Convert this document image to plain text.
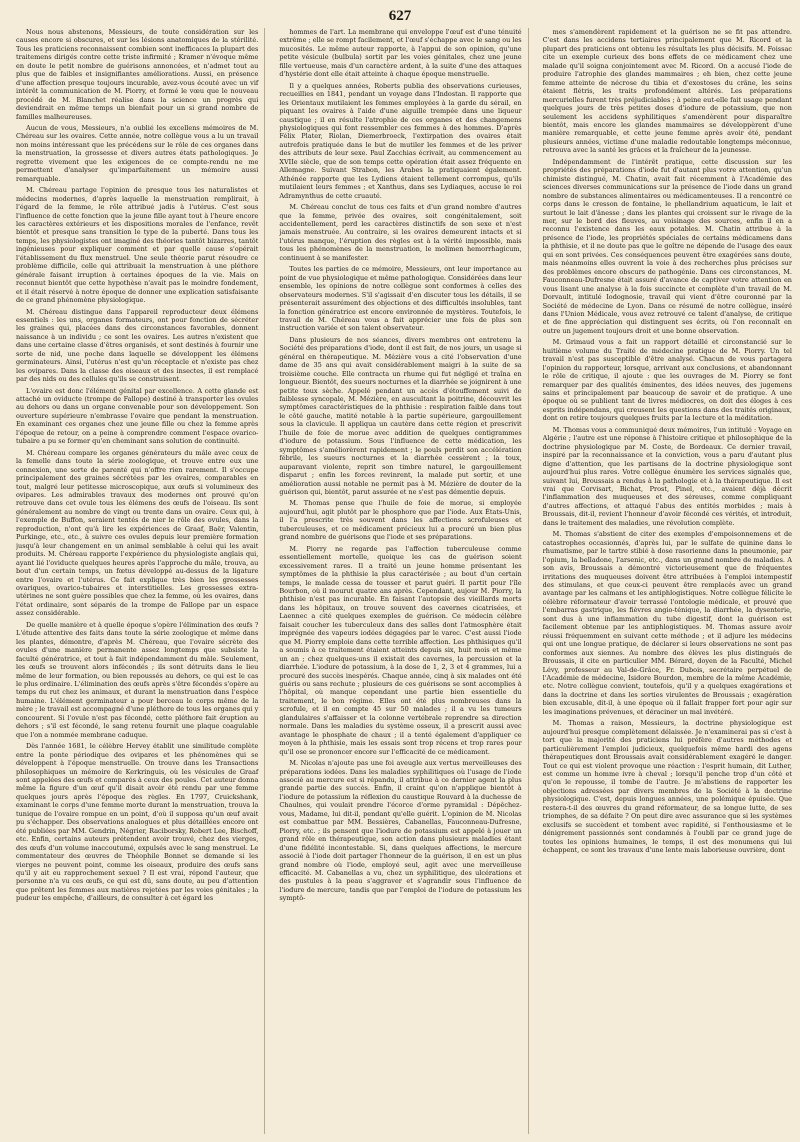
627

Nous nous abstenons, Messieurs, de toute considération sur les causes encore si obscures, et sur les lésions anatomiques de la stérilité. Tous les praticiens reconnaissent combien sont inefficaces la plupart des traitemens dirigés contre cette triste infirmité ; Kramer n'évoque même en doute le petit nombre de guérisons annoncées, et n'admet tout au plus que de faibles et insignifiantes améliorations. Aussi, en présence d'une affection presque toujours incurable, avez-vous écouté avec un vif intérêt la communication de M. Piorry, et formé le vœu que le nouveau procédé de M. Blanchet réalise dans la science un progrès qui deviendrait en même temps un bienfait pour un si grand nombre de familles malheureuses.

Aucun de vous, Messieurs, n'a oublié les excellens mémoires de M. Chéreau sur les ovaires. Cette année, notre collègue vous a lu un travail non moins intéressant que les précédens sur le rôle de ces organes dans la menstruation, la grossesse et divers autres états pathologiques. Je regrette vivement que les exigences de ce compte-rendu ne me permettent d'analyser qu'imparfaitement un mémoire aussi remarquable.

M. Chéreau partage l'opinion de presque tous les naturalistes et médecins modernes, d'après laquelle la menstruation remplirait, à l'égard de la femme, le rôle attribué jadis à l'utérus. C'est sous l'influence de cette fonction que la jeune fille ayant tout à l'heure encore les caractères extérieurs et les dispositions morales de l'enfance, revêt bientôt et presque sans transition le type de la puberté. Dans tous les temps, les physiologistes ont imaginé des théories tantôt bizarres, tantôt ingénieuses pour expliquer comment et par quelle cause s'opérait l'établissement du flux menstruel. Une seule théorie parut résoudre ce problème difficile, celle qui attribuait la menstruation à une pléthore générale faisant irruption à certaines époques de la vie. Mais on reconnut bientôt que cette hypothèse n'avait pas le moindre fondement, et il était réservé à notre époque de donner une explication satisfaisante de ce grand phénomène physiologique.

M. Chéreau distingue dans l'appareil reproducteur deux élémens essentiels : les uns, organes formateurs, ont pour fonction de sécréter les graines qui, placées dans des circonstances favorables, donnent naissance à un individu ; ce sont les ovaires. Les autres n'existent que dans une certaine classe d'êtres organisés, et sont destinés à fournir une sorte de nid, une poche dans laquelle se développent les élémens germinateurs. Ainsi, l'utérus n'est qu'un réceptacle et n'existe pas chez les ovipares. Dans la classe des oiseaux et des insectes, il est remplacé par des nids ou des cellules qu'ils se construisent.

L'ovaire est donc l'élément génital par excellence. A cette glande est attaché un oviducte (trompe de Fallope) destiné à transporter les ovules au dehors ou dans un organe convenable pour son développement. Son ouverture supérieure n'embrasse l'ovaire que pendant la menstruation. En examinant ces organes chez une jeune fille ou chez la femme après l'époque de retour, on a peine à comprendre comment l'espace ovarico-tubaire a pu se former qu'en cheminant sans solution de continuité.

M. Chéreau compare les organes générateurs du mâle avec ceux de la femelle dans toute la série zoologique, et trouve entre eux une connexion, une sorte de parenté qui n'offre rien rarement. Il s'occupe principalement des graines sécrétées par les ovaires, comparables en tout, malgré leur petitesse microscopique, aux œufs si volumineux des ovipares. Les admirables travaux des modernes ont prouvé qu'on retrouve dans cet ovule tous les élémens des œufs de l'oiseau. Ils sont généralement au nombre de vingt ou trente dans un ovaire. Ceux qui, à l'exemple de Buffon, seraient tentés de nier le rôle des ovules, dans la reproduction, n'ont qu'à lire les expériences de Graaf, Baër, Valentin, Purkinge, etc., etc., à suivre ces ovules depuis leur première formation jusqu'à leur changement en un animal semblable à celui qui les avait produits. M. Chéreau rapporte l'expérience du physiologiste anglais qui, ayant lié l'oviducte quelques heures après l'approche du mâle, trouva, au bout d'un certain temps, un fœtus développé au-dessus de la ligature entre l'ovaire et l'utérus. Ce fait explique très bien les grossesses ovariques, ovarico-tubaires et interstitielles. Les grossesses extra-utérines ne sont guère possibles que chez la femme, où les ovaires, dans l'état ordinaire, sont séparés de la trompe de Fallope par un espace assez considérable.

De quelle manière et à quelle époque s'opère l'élimination des œufs ? L'étude attentive des faits dans toute la série zoologique et même dans les plantes, démontre, d'après M. Chéreau, que l'ovaire sécrète des ovules d'une manière permanente assez longtemps que subsiste la faculté génératrice, et tout à fait indépendamment du mâle. Seulement, les œufs se trouvent alors infécondés ; ils sont détruits dans le lieu même de leur formation, ou bien repoussés au dehors, ce qui est le cas le plus ordinaire. L'élimination des œufs après s'être fécondés s'opère au temps du rut chez les animaux, et durant la menstruation dans l'espèce humaine. L'élément germinateur a pour berceau le corps même de la mère ; le travail est accompagné d'une pléthore de tous les organes qui y concourent. Si l'ovule n'est pas fécondé, cette pléthore fait éruption au dehors ; s'il est fécondé, le sang retenu fournit une plaque coagulable que l'on a nommée membrane caduque.

Dès l'année 1681, le célèbre Hervey établit une similitude complète entre la ponte périodique des ovipares et les phénomènes qui se développent à l'époque menstruelle. On trouve dans les Transactions philosophiques un mémoire de Kerkringuis, où les vésicules de Graaf sont appelées des œufs et comparés à ceux des poules. Cet auteur donna même la figure d'un œuf qu'il disait avoir été rendu par une femme quelques jours après l'époque des règles. En 1797, Cruickshank, examinant le corps d'une femme morte durant la menstruation, trouva la tunique de l'ovaire rompue en un point, d'où il supposa qu'un œuf avait pu s'échapper. Des observations analogues et plus détaillées encore ont été publiées par MM. Gendrin, Négrier, Raciborsky, Robert Lee, Bischoff, etc. Enfin, certains auteurs prétendent avoir trouvé, chez des vierges, des œufs d'un volume inaccoutumé, expulsés avec le sang menstruel. Le commentateur des œuvres de Théophile Bonnet se demande si les vierges ne peuvent point, comme les oiseaux, produire des œufs sans qu'il y ait eu rapprochement sexuel ? Il est vrai, répond l'auteur, que personne n'a vu ces œufs, ce qui est dû, sans doute, au peu d'attention que prêtent les femmes aux matières rejetées par les voies génitales ; la pudeur les empêche, d'ailleurs, de consulter à cet égard les

hommes de l'art. La membrane qui enveloppe l'œuf est d'une ténuité extrême ; elle se rompt facilement, et l'œuf s'échappe avec le sang ou les mucosités. Le même auteur rapporte, à l'appui de son opinion, qu'une petite vésicule (bulbula) sortit par les voies génitales, chez une jeune fille vertueuse, mais d'un caractère ardent, à la suite d'une des attaques d'hystérie dont elle était atteinte à chaque époque menstruelle.

Il y a quelques années, Roberts publia des observations curieuses, recueillies en 1841, pendant un voyage dans l'Indostan. Il rapporte que les Orientaux mutilaient les femmes employées à la garde du sérail, en piquant les ovaires à l'aide d'une aiguille trempée dans une liqueur caustique ; il en résulte l'atrophie de ces organes et des changemens physiologiques qui font ressembler ces femmes à des hommes. D'après Félix Plater, Riolan, Diemerbroeck, l'extirpation des ovaires était autrefois pratiquée dans le but de mutiler les femmes et de les priver des attributs de leur sexe. Paul Zacchias écrivait, au commencement au XVIIe siècle, que de son temps cette opération était assez fréquente en Allemagne. Suivant Strabon, les Arabes la pratiquaient également. Athénée rapporte que les Lydiens étaient tellement corrompus, qu'ils mutilaient leurs femmes ; et Xanthus, dans ses Lydiaques, accuse le roi Adramynthus de cette cruauté.

M. Chéreau conclut de tous ces faits et d'un grand nombre d'autres que la femme, privée des ovaires, soit congénitalement, soit accidentellement, perd les caractères distinctifs de son sexe et n'est jamais menstruée. Au contraire, si les ovaires demeurent intacts et si l'utérus manque, l'éruption des règles est à la vérité impossible, mais tous les phénomènes de la menstruation, le molimen hemorrhagicum, continuent à se manifester.

Toutes les parties de ce mémoire, Messieurs, ont leur importance au point de vue physiologique et même pathologique. Considérées dans leur ensemble, les opinions de notre collègue sont conformes à celles des observateurs modernes. S'il s'agissait d'en discuter tous les détails, il se présenterait assurément des objections et des difficultés insolubles, tant la fonction génératrice est encore environnée de mystères. Toutefois, le travail de M. Chéreau vous a fait apprécier une fois de plus son instruction variée et son talent observateur.

Dans plusieurs de nos séances, divers membres ont entretenu la Société des préparations d'iode, dont il est fait, de nos jours, un usage si général en thérapeutique. M. Mézière vous a cité l'observation d'une dame de 35 ans qui avait considérablement maigri à la suite de sa troisième couche. Elle contracta un rhume qui fut négligé et traîna en longueur. Bientôt, des sueurs nocturnes et la diarrhée se joignirent à une petite toux sèche. Appelé pendant un accès d'étouffement suivi de faiblesse syncopale, M. Mézière, en auscultant la poitrine, découvrit les symptômes caractéristiques de la phthisie : respiration faible dans tout le côté gauche, matité notable à la partie supérieure, gargouillement sous la clavicule. Il appliqua un cautère dans cette région et prescrivit l'huile de foie de morue avec addition de quelques centigrammes d'iodure de potassium. Sous l'influence de cette médication, les symptômes s'améliorèrent rapidement ; le pouls perdit son accélération fébrile, les sueurs nocturnes et la diarrhée cessèrent ; la toux, auparavant violente, reprit son timbre naturel, le gargouillement disparut ; enfin les forces revinrent, la malade put sortir, et une amélioration aussi notable ne permit pas à M. Mézière de douter de la guérison qui, bientôt, parut assurée et ne s'est pas démentie depuis.

M. Thomas pense que l'huile de foie de morue, si employée aujourd'hui, agit plutôt par le phosphore que par l'iode. Aux États-Unis, il l'a prescrite très souvent dans les affections scrofuleuses et tuberculeuses, et ce médicament précieux lui a procuré un bien plus grand nombre de guérisons que l'iode et ses préparations.

M. Piorry ne regarde pas l'affection tuberculeuse comme essentiellement mortelle, quoique les cas de guérison soient excessivement rares. Il a traité un jeune homme présentant les symptômes de la phthisie la plus caractérisée ; au bout d'un certain temps, le malade cessa de tousser et parut guéri. Il partit pour l'île Bourbon, où il mourut quatre ans après. Cependant, aujour M. Piorry, la phthisie n'est pas incurable. En faisant l'autopsie des vieillards morts dans les hôpitaux, on trouve souvent des cavernes cicatrisées, et Laennec a cité quelques exemples de guérison. Ce médecin célèbre faisait coucher les tuberculeux dans des salles dont l'atmosphère était imprégnée des vapeurs iodées dégagées par le varec. C'est aussi l'iode que M. Piorry emploie dans cette terrible affection. Les phthisiques qu'il a soumis à ce traitement étaient atteints depuis six, huit mois et même un an ; chez quelques-uns il existait des cavernes, la percussion et la diarrhée. L'iodure de potassium, à la dose de 1, 2, 3 et 4 grammes, lui a procuré des succès inespérés. Chaque année, cinq à six malades ont été guéris ou sans rechute ; plusieurs de ces guérisons se sont accomplies à l'hôpital, où manque cependant une partie bien essentielle du traitement, le bon régime. Elles ont été plus nombreuses dans la scrofule, et il en compte 45 sur 50 malades ; il a vu les tumeurs glandulaires s'affaisser et la colonne vertébrale reprendre sa direction normale. Dans les maladies du système osseux, il a prescrit aussi avec avantage le phosphate de chaux ; il a tenté également d'appliquer ce moyen à la phthisie, mais les essais sont trop récens et trop rares pour qu'il ose se prononcer encore sur l'efficacité de ce médicament.

M. Nicolas n'ajoute pas une foi aveugle aux vertus merveilleuses des préparations iodées. Dans les maladies syphilitiques où l'usage de l'iode associé au mercure est si répandu, il attribue à ce dernier agent la plus grande partie des succès. Enfin, il craint qu'on n'applique bientôt à l'iodure de potassium la réflexion du caustique Rouvard à la duchesse de Chaulnes, qui voulait prendre l'écorce d'orme pyramidal : Dépêchez-vous, Madame, lui dit-il, pendant qu'elle guérit. L'opinion de M. Nicolas est combattue par MM. Bessières, Cabanellas, Fauconneau-Dufresne, Piorry, etc. ; ils pensent que l'iodure de potassium est appelé à jouer un grand rôle en thérapeutique, son action dans plusieurs maladies étant d'une fidélité incontestable. Si, dans quelques affections, le mercure associé à l'iode doit partager l'honneur de la guérison, il en est un plus grand nombre où l'iode, employé seul, agit avec une merveilleuse efficacité. M. Cabanellas a vu, chez un syphilitique, des ulcérations et des pustules à la peau s'aggraver et s'agrandir sous l'influence de l'iodure de mercure, tandis que par l'emploi de l'iodure de potassium les symptô-

mes s'amendèrent rapidement et la guérison ne se fit pas attendre. C'est dans les accidens tertiaires principalement que M. Ricord et la plupart des praticiens ont obtenu les résultats les plus décisifs. M. Foissac cite un exemple curieux des bons effets de ce médicament chez une malade qu'il soigna conjointement avec M. Ricord. On a accusé l'iode de produire l'atrophie des glandes mammaires ; eh bien, chez cette jeune femme atteinte de nécrose du tibia et d'exostoses du crâne, les seins étaient flétris, les traits profondément altérés. Les préparations mercurielles furent très préjudiciables ; à peine eut-elle fait usage pendant quelques jours de très petites doses d'iodure de potassium, que non seulement les accidens syphilitiques s'amendèrent pour disparaître bientôt, mais encore les glandes mammaires se développèrent d'une manière remarquable, et cette jeune femme après avoir été, pendant plusieurs années, victime d'une maladie redoutable longtemps méconnue, retrouva avec la santé les grâces et la fraîcheur de la jeunesse.

Indépendamment de l'intérêt pratique, cette discussion sur les propriétés des préparations d'iode fut d'autant plus votre attention, qu'un chimiste distingué, M. Chatin, avait fait récemment à l'Académie des sciences diverses communications sur la présence de l'iode dans un grand nombre de substances alimentaires ou médicamenteuses. Il a rencontré ce corps dans le cresson de fontaine, le phellandrium aquaticum, le lait et surtout le lait d'ânesse ; dans les plantes qui croissent sur le rivage de la mer, sur le bord des fleuves, au voisinage des sources, enfin il en a reconnu l'existence dans les eaux potables. M. Chatin attribue à la présence de l'iode, les propriétés spéciales de certains médicamens dans la phthisie, et il ne doute pas que le goître ne dépende de l'usage des eaux qui en sont privées. Ces conséquences peuvent être exagérées sans doute, mais néanmoins elles ouvrent la voie à des recherches plus précises sur des problèmes encore obscurs de pathogénie. Dans ces circonstances, M. Fauconneau-Dufresne était assuré d'avance de captiver votre attention en vous lisant une analyse à la fois succincte et complète d'un travail de M. Dorvault, intitulé Iodognosie, travail qui vient d'être couronné par la Société de médecine de Lyon. Dans ce résumé de notre collègue, inséré dans l'Union Médicale, vous avez retrouvé ce talent d'analyse, de critique et de fine appréciation qui distinguent ses écrits, où l'on reconnaît en outre un jugement toujours droit et une bonne observation.

M. Grimaud vous a fait un rapport détaillé et circonstancié sur le huitième volume du Traité de médecine pratique de M. Piorry. Un tel travail n'est pas susceptible d'être analysé. Chacun de vous partagera l'opinion du rapporteur, lorsque, arrivant aux conclusions, et abandonnant le rôle de critique, il ajoute : que les ouvrages de M. Piorry se font remarquer par des qualités éminentes, des idées neuves, des jugemens sains et principalement par beaucoup de savoir et de pratique. A une époque où se publient tant de livres médiocres, on doit des éloges à ces esprits indépendans, qui creusent les questions dans des traités originaux, dont on retire toujours quelques fruits par la lecture et la méditation.

M. Thomas vous a communiqué deux mémoires, l'un intitulé : Voyage en Algérie ; l'autre est une réponse à l'histoire critique et philosophique de la doctrine physiologique par M. Coste, de Bordeaux. Ce dernier travail, inspiré par la reconnaissance et la conviction, vous a paru d'autant plus digne d'attention, que les partisans de la doctrine physiologique sont aujourd'hui plus rares. Votre collègue énumère les services signalés que, suivant lui, Broussais a rendus à la pathologie et à la thérapeutique. Il est vrai que Corvisart, Bichat, Prost, Pinel, etc., avaient déjà décrit l'inflammation des muqueuses et des séreuses, comme compliquant d'autres affections, et attaqué l'abus des entités morbides ; mais à Broussais, dit-il, revient l'honneur d'avoir fécondé ces vérités, et introduit, dans le traitement des maladies, une révolution complète.

M. Thomas s'abstient de citer des exemples d'empoisonnemens et de catastrophes occasionnés, d'après lui, par le sulfate de quinine dans le rhumatisme, par le tartre stibié à dose rasorienne dans la pneumonie, par l'opium, la belladone, l'arsenic, etc., dans un grand nombre de maladies. A son avis, Broussais a démontré victorieusement que de fréquentes irritations des muqueuses doivent être attribuées à l'emploi intempestif des stimulans, et que ceux-ci peuvent être remplacés avec un grand avantage par les calmans et les antiphlogistiques. Notre collègue félicite le célèbre réformateur d'avoir terrassé l'ontologie médicale, et prouvé que l'embarras gastrique, les fièvres angio-ténique, la diarrhée, la dysenterie, sont dus à une inflammation du tube digestif, dont la guérison est facilement obtenue par les antiphlogistiques. M. Thomas assure avoir réussi fréquemment en suivant cette méthode ; et il adjure les médecins qui ont une longue pratique, de déclarer si leurs observations ne sont pas conformes aux siennes. Au nombre des élèves les plus distingués de Broussais, il cite en particulier MM. Bérard, doyen de la Faculté, Michel Lévy, professeur au Val-de-Grâce, Fr. Dubois, secrétaire perpétuel de l'Académie de médecine, Isidore Bourdon, membre de la même Académie, etc. Notre collègue convient, toutefois, qu'il y a quelques exagérations et dans la doctrine et dans les sorties virulentes de Broussais ; exagération bien excusable, dit-il, à une époque où il fallait frapper fort pour agir sur les imaginations prévenues, et déraciner un mal invétéré.

M. Thomas a raison, Messieurs, la doctrine physiologique est aujourd'hui presque complètement délaissée. Je n'examinerai pas si c'est à tort que la majorité des praticiens lui préfère d'autres méthodes et particulièrement l'emploi judicieux, quelquefois même hardi des agens thérapeutiques dont Broussais avait considérablement exagéré le danger. Tout ce qui est violent provoque une réaction : l'esprit humain, dit Luther, est comme un homme ivre à cheval ; lorsqu'il penche trop d'un côté et qu'on le repousse, il tombe de l'autre. Je m'abstiens de rapporter les objections adressées par divers membres de la Société à la doctrine physiologique. C'est, depuis longues années, une polémique épuisée. Que restera-t-il des œuvres du grand réformateur, de sa longue lutte, de ses triomphes, de sa défaite ? On peut dire avec assurance que si les systèmes exclusifs se succèdent et tombent avec rapidité, si l'enthousiasme et le dénigrement passionnés sont condamnés à l'oubli par ce grand juge de toutes les opinions humaines, le temps, il est des monumens qui lui échappent, ce sont les travaux d'une lente mais laborieuse ouvrière, dont
